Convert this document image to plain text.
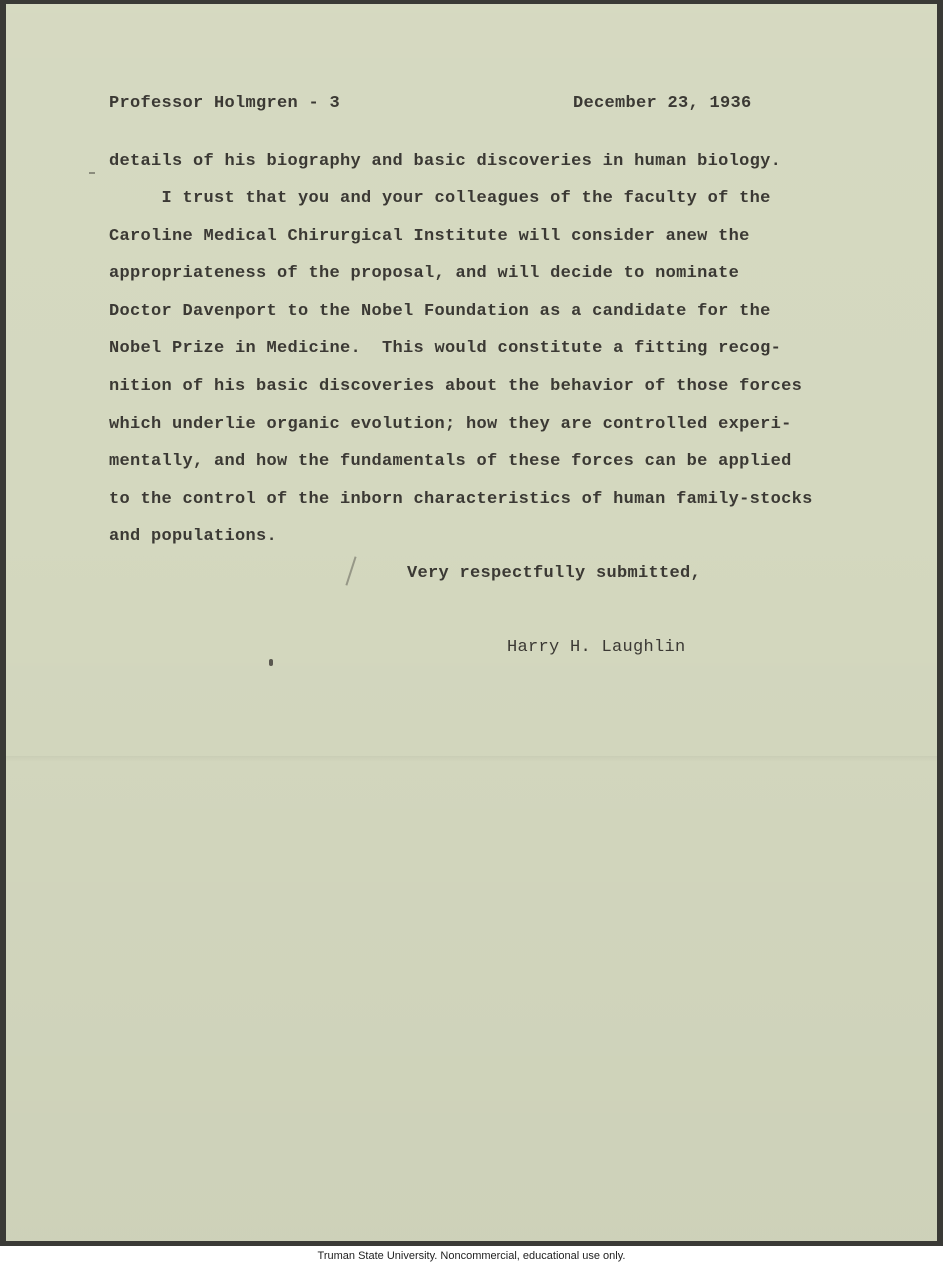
Professor Holmgren - 3	December 23, 1936
details of his biography and basic discoveries in human biology.
I trust that you and your colleagues of the faculty of the
Caroline Medical Chirurgical Institute will consider anew the
appropriateness of the proposal, and will decide to nominate
Doctor Davenport to the Nobel Foundation as a candidate for the
Nobel Prize in Medicine.  This would constitute a fitting recog-
nition of his basic discoveries about the behavior of those forces
which underlie organic evolution; how they are controlled experi-
mentally, and how the fundamentals of these forces can be applied
to the control of the inborn characteristics of human family-stocks
and populations.
Very respectfully submitted,
Harry H. Laughlin
Truman State University. Noncommercial, educational use only.
